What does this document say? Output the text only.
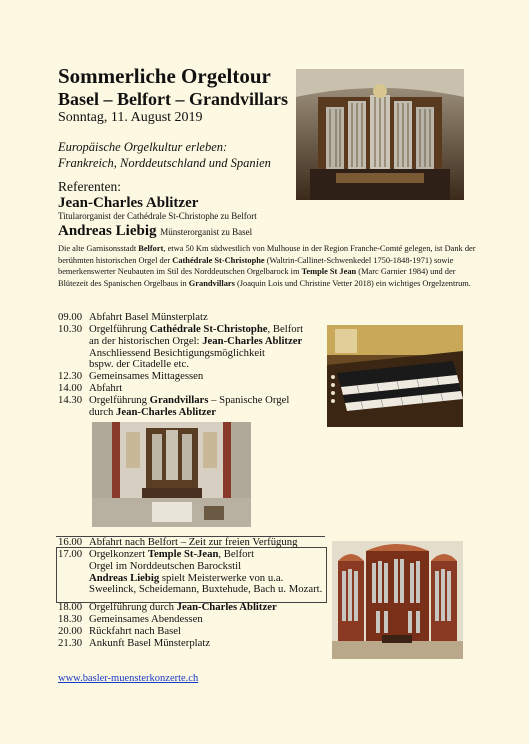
Sommerliche Orgeltour
Basel – Belfort – Grandvillars
Sonntag, 11. August 2019
Europäische Orgelkultur erleben:
Frankreich, Norddeutschland und Spanien
Referenten:
Jean-Charles Ablitzer
Titularorganist der Cathédrale St-Christophe zu Belfort
Andreas Liebig Münsterorganist zu Basel
Die alte Garnisonsstadt Belfort, etwa 50 Km südwestlich von Mulhouse in der Region Franche-Comté gelegen, ist Dank der berühmten historischen Orgel der Cathédrale St-Christophe (Waltrin-Callinet-Schwenkedel 1750-1848-1971) sowie bemerkenswerter Neubauten im Stil des Norddeutschen Orgelbarock im Temple St Jean (Marc Garnier 1984) und der Blütezeit des Spanischen Orgelbaus in Grandvillars (Joaquin Lois und Christine Vetter 2018) ein wichtiges Orgelzentrum.
09.00 Abfahrt Basel Münsterplatz
10.30 Orgelführung Cathédrale St-Christophe, Belfort
an der historischen Orgel: Jean-Charles Ablitzer
Anschliessend Besichtigungsmöglichkeit
bspw. der Citadelle etc.
12.30 Gemeinsames Mittagessen
14.00 Abfahrt
14.30 Orgelführung Grandvillars – Spanische Orgel
durch Jean-Charles Ablitzer
16.00 Abfahrt nach Belfort – Zeit zur freien Verfügung
17.00 Orgelkonzert Temple St-Jean, Belfort
Orgel im Norddeutschen Barockstil
Andreas Liebig spielt Meisterwerke von u.a.
Sweelinck, Scheidemann, Buxtehude, Bach u. Mozart.
18.00 Orgelführung durch Jean-Charles Ablitzer
18.30 Gemeinsames Abendessen
20.00 Rückfahrt nach Basel
21.30 Ankunft Basel Münsterplatz
www.basler-muensterkonzerte.ch
